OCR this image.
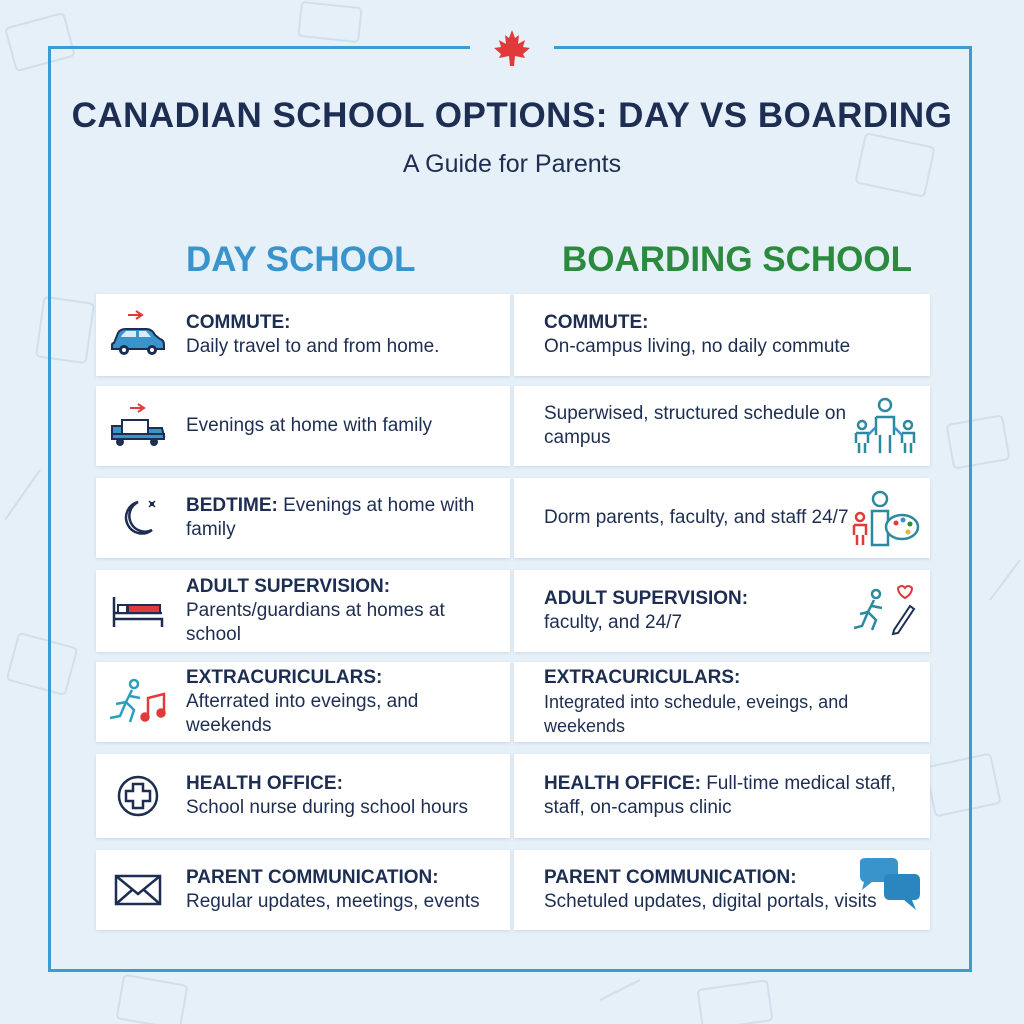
CANADIAN SCHOOL OPTIONS: DAY VS BOARDING
A Guide for Parents
DAY SCHOOL	BOARDING SCHOOL
COMMUTE:
Daily travel to and from home.
COMMUTE:
On-campus living, no daily commute
Evenings at home with family
Superwised, structured schedule on campus
BEDTIME: Evenings at home with family
Dorm parents, faculty, and staff 24/7
ADULT SUPERVISION:
Parents/guardians at homes at school
ADULT SUPERVISION:
faculty, and 24/7
EXTRACURICULARS:
Afterrated into eveings, and weekends
EXTRACURICULARS:
Integrated into schedule, eveings, and weekends
HEALTH OFFICE:
School nurse during school hours
HEALTH OFFICE: Full-time medical staff, staff, on-campus clinic
PARENT COMMUNICATION:
Regular updates, meetings, events
PARENT COMMUNICATION:
Schetuled updates, digital portals, visits
